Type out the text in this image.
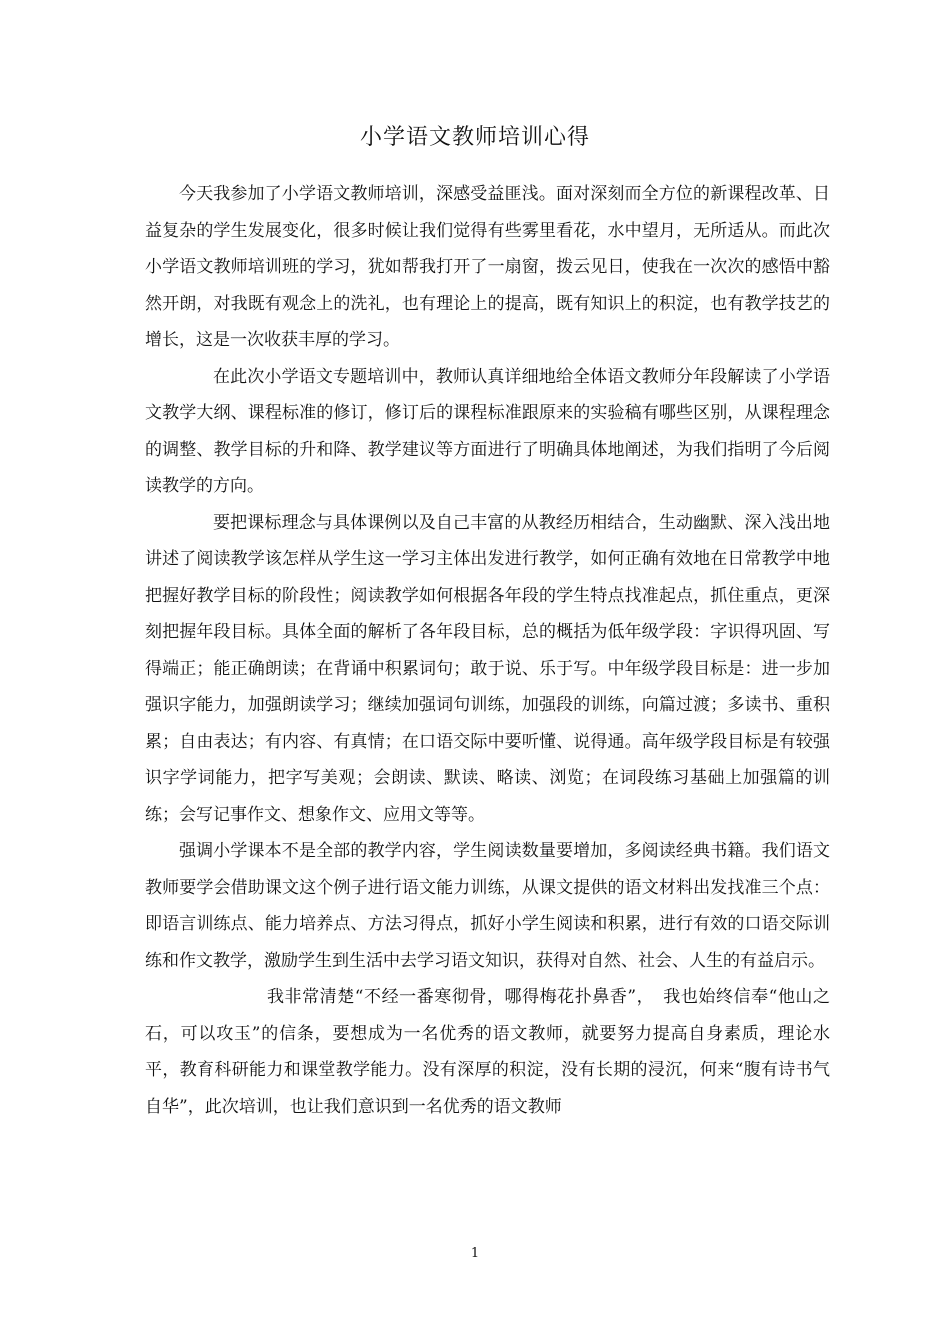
小学语文教师培训心得

今天我参加了小学语文教师培训，深感受益匪浅。面对深刻而全方位的新课程改革、日益复杂的学生发展变化，很多时候让我们觉得有些雾里看花，水中望月，无所适从。而此次小学语文教师培训班的学习，犹如帮我打开了一扇窗，拨云见日，使我在一次次的感悟中豁然开朗，对我既有观念上的洗礼，也有理论上的提高，既有知识上的积淀，也有教学技艺的增长，这是一次收获丰厚的学习。

在此次小学语文专题培训中，教师认真详细地给全体语文教师分年段解读了小学语文教学大纲、课程标准的修订，修订后的课程标准跟原来的实验稿有哪些区别，从课程理念的调整、教学目标的升和降、教学建议等方面进行了明确具体地阐述，为我们指明了今后阅读教学的方向。

要把课标理念与具体课例以及自己丰富的从教经历相结合，生动幽默、深入浅出地讲述了阅读教学该怎样从学生这一学习主体出发进行教学，如何正确有效地在日常教学中地把握好教学目标的阶段性；阅读教学如何根据各年段的学生特点找准起点，抓住重点，更深刻把握年段目标。具体全面的解析了各年段目标，总的概括为低年级学段：字识得巩固、写得端正；能正确朗读；在背诵中积累词句；敢于说、乐于写。中年级学段目标是：进一步加强识字能力，加强朗读学习；继续加强词句训练，加强段的训练，向篇过渡；多读书、重积累；自由表达；有内容、有真情；在口语交际中要听懂、说得通。高年级学段目标是有较强识字学词能力，把字写美观；会朗读、默读、略读、浏览；在词段练习基础上加强篇的训练；会写记事作文、想象作文、应用文等等。

强调小学课本不是全部的教学内容，学生阅读数量要增加，多阅读经典书籍。我们语文教师要学会借助课文这个例子进行语文能力训练，从课文提供的语文材料出发找准三个点：即语言训练点、能力培养点、方法习得点，抓好小学生阅读和积累，进行有效的口语交际训练和作文教学，激励学生到生活中去学习语文知识，获得对自然、社会、人生的有益启示。

我非常清楚“不经一番寒彻骨，哪得梅花扑鼻香”，　我也始终信奉“他山之石，可以攻玉”的信条，要想成为一名优秀的语文教师，就要努力提高自身素质，理论水平，教育科研能力和课堂教学能力。没有深厚的积淀，没有长期的浸沉，何来“腹有诗书气自华”，此次培训，也让我们意识到一名优秀的语文教师

1
